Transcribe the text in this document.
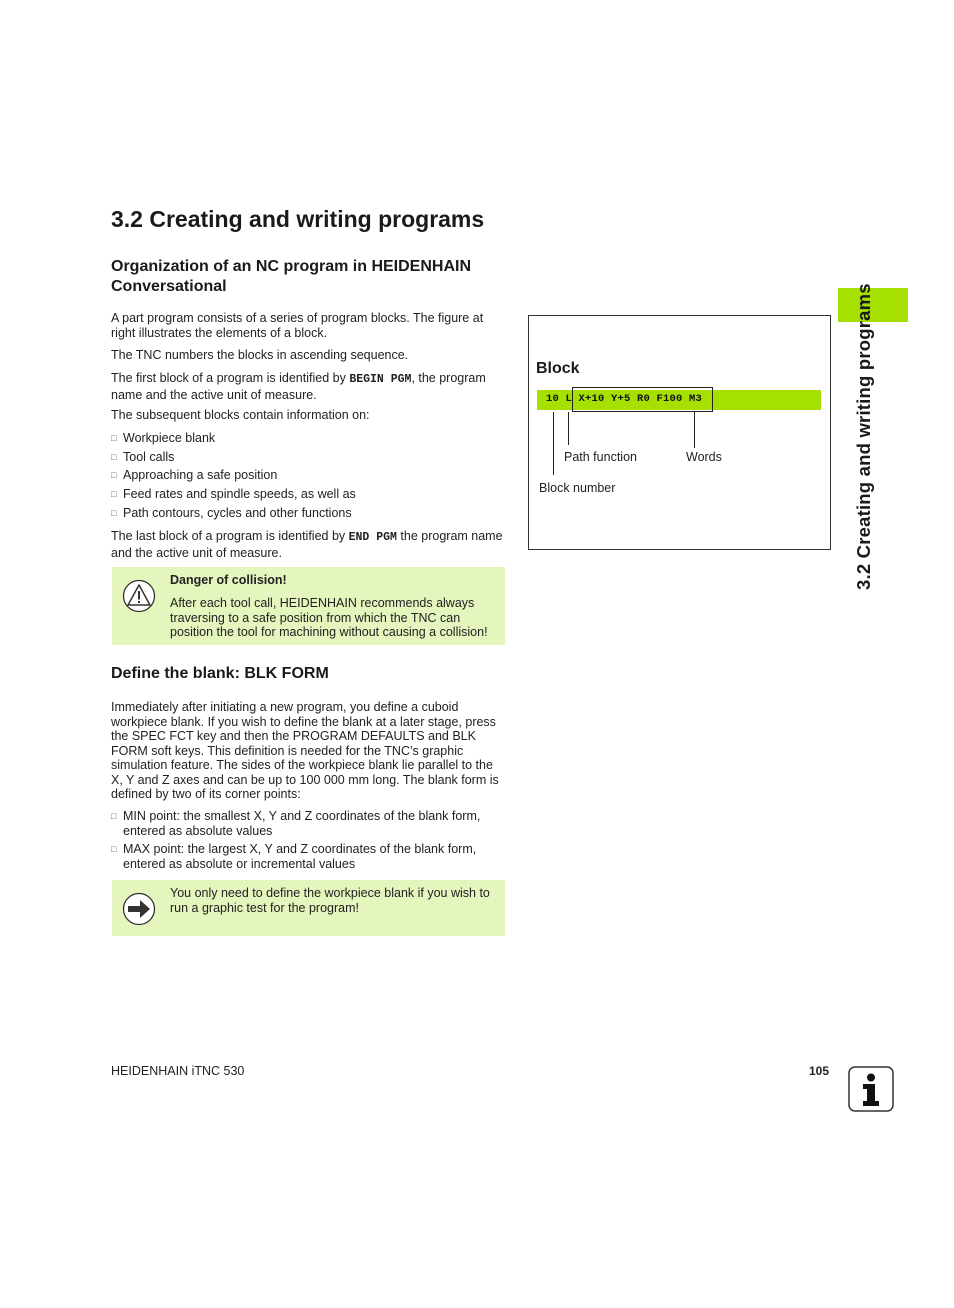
3.2 Creating and writing programs
Organization of an NC program in HEIDENHAIN Conversational

A part program consists of a series of program blocks. The figure at right illustrates the elements of a block.

The TNC numbers the blocks in ascending sequence.

The first block of a program is identified by BEGIN PGM, the program name and the active unit of measure.

The subsequent blocks contain information on:

□ Workpiece blank
□ Tool calls
□ Approaching a safe position
□ Feed rates and spindle speeds, as well as
□ Path contours, cycles and other functions

The last block of a program is identified by END PGM the program name and the active unit of measure.

Danger of collision!
After each tool call, HEIDENHAIN recommends always traversing to a safe position from which the TNC can position the tool for machining without causing a collision!
Define the blank: BLK FORM

Immediately after initiating a new program, you define a cuboid workpiece blank. If you wish to define the blank at a later stage, press the SPEC FCT key and then the PROGRAM DEFAULTS and BLK FORM soft keys. This definition is needed for the TNC’s graphic simulation feature. The sides of the workpiece blank lie parallel to the X, Y and Z axes and can be up to 100 000 mm long. The blank form is defined by two of its corner points:

□ MIN point: the smallest X, Y and Z coordinates of the blank form, entered as absolute values
□ MAX point: the largest X, Y and Z coordinates of the blank form, entered as absolute or incremental values
You only need to define the workpiece blank if you wish to run a graphic test for the program!
Block
10 L X+10 Y+5 R0 F100 M3
Path function	Words
Block number	3.2 Creating and writing programs
HEIDENHAIN iTNC 530	105
